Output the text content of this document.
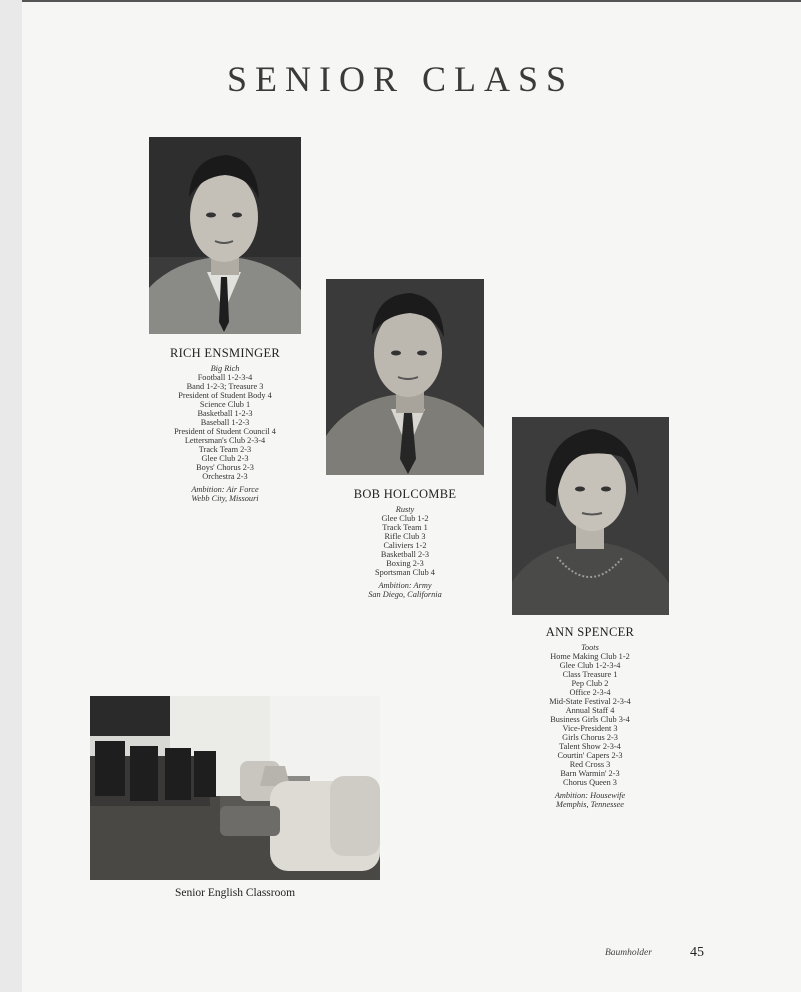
SENIOR CLASS
RICH ENSMINGER
Big Rich
Football 1-2-3-4
Band 1-2-3; Treasure 3
President of Student Body 4
Science Club 1
Basketball 1-2-3
Baseball 1-2-3
President of Student Council 4
Lettersman's Club 2-3-4
Track Team 2-3
Glee Club 2-3
Boys' Chorus 2-3
Orchestra 2-3
Ambition: Air Force
Webb City, Missouri	BOB HOLCOMBE
Rusty
Glee Club 1-2
Track Team 1
Rifle Club 3
Caliviers 1-2
Basketball 2-3
Boxing 2-3
Sportsman Club 4
Ambition: Army
San Diego, California
ANN SPENCER
Toots
Home Making Club 1-2
Glee Club 1-2-3-4
Class Treasure 1
Pep Club 2
Office 2-3-4
Mid-State Festival 2-3-4
Annual Staff 4
Business Girls Club 3-4
Vice-President 3
Girls Chorus 2-3
Talent Show 2-3-4
Courtin' Capers 2-3
Red Cross 3
Barn Warmin' 2-3
Chorus Queen 3
Ambition: Housewife
Memphis, Tennessee
Senior English Classroom
Baumholder	45
